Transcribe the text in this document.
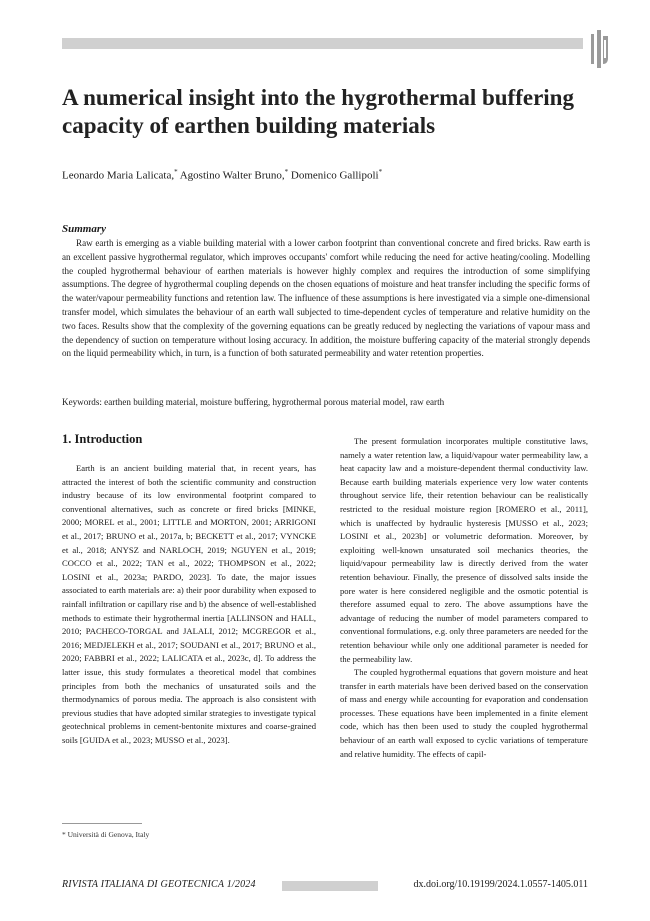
A numerical insight into the hygrothermal buffering capacity of earthen building materials
Leonardo Maria Lalicata,* Agostino Walter Bruno,* Domenico Gallipoli*
Summary

Raw earth is emerging as a viable building material with a lower carbon footprint than conventional concrete and fired bricks. Raw earth is an excellent passive hygrothermal regulator, which improves occupants' comfort while reducing the need for active heating/cooling. Modelling the coupled hygrothermal behaviour of earthen materials is however highly complex and requires the introduction of some simplifying assumptions. The degree of hygrothermal coupling depends on the chosen equations of moisture and heat transfer including the specific forms of the water/vapour permeability functions and retention law. The influence of these assumptions is here investigated via a simple one-dimensional transfer model, which simulates the behaviour of an earth wall subjected to time-dependent cycles of temperature and relative humidity on the two faces. Results show that the complexity of the governing equations can be greatly reduced by neglecting the variations of vapour mass and the dependency of suction on temperature without losing accuracy. In addition, the moisture buffering capacity of the material strongly depends on the liquid permeability which, in turn, is a function of both saturated permeability and water retention properties.

Keywords: earthen building material, moisture buffering, hygrothermal porous material model, raw earth
1. Introduction

Earth is an ancient building material that, in recent years, has attracted the interest of both the scientific community and construction industry because of its low environmental footprint compared to conventional alternatives, such as concrete or fired bricks [MINKE, 2000; MOREL et al., 2001; LITTLE and MORTON, 2001; ARRIGONI et al., 2017; BRUNO et al., 2017a, b; BECKETT et al., 2017; VYNCKE et al., 2018; ANYSZ and NARLOCH, 2019; NGUYEN et al., 2019; COCCO et al., 2022; TAN et al., 2022; THOMPSON et al., 2022; LOSINI et al., 2023a; PARDO, 2023]. To date, the major issues associated to earth materials are: a) their poor durability when exposed to rainfall infiltration or capillary rise and b) the absence of well-established methods to estimate their hygrothermal inertia [ALLINSON and HALL, 2010; PACHECO-TORGAL and JALALI, 2012; MCGREGOR et al., 2016; MEDJELEKH et al., 2017; SOUDANI et al., 2017; BRUNO et al., 2020; FABBRI et al., 2022; LALICATA et al., 2023c, d]. To address the latter issue, this study formulates a theoretical model that combines principles from both the mechanics of unsaturated soils and the thermodynamics of porous media. The approach is also consistent with previous studies that have adopted similar strategies to investigate typical geotechnical problems in cement-bentonite mixtures and coarse-grained soils [GUIDA et al., 2023; MUSSO et al., 2023].

The present formulation incorporates multiple constitutive laws, namely a water retention law, a liquid/vapour water permeability law, a heat capacity law and a moisture-dependent thermal conductivity law. Because earth building materials experience very low water contents throughout service life, their retention behaviour can be realistically restricted to the residual moisture region [ROMERO et al., 2011], which is unaffected by hydraulic hysteresis [MUSSO et al., 2023; LOSINI et al., 2023b] or volumetric deformation. Moreover, by exploiting well-known unsaturated soil mechanics theories, the liquid/vapour permeability law is directly derived from the water retention behaviour. Finally, the presence of dissolved salts inside the pore water is here considered negligible and the osmotic potential is therefore assumed equal to zero. The above assumptions have the advantage of reducing the number of model parameters compared to conventional formulations, e.g. only three parameters are needed for the retention behaviour while only one additional parameter is needed for the permeability law.

The coupled hygrothermal equations that govern moisture and heat transfer in earth materials have been derived based on the conservation of mass and energy while accounting for evaporation and condensation processes. These equations have been implemented in a finite element code, which has then been used to study the coupled hygrothermal behaviour of an earth wall exposed to cyclic variations of temperature and relative humidity. The effects of capil-

* Università di Genova, Italy
RIVISTA ITALIANA DI GEOTECNICA 1/2024	dx.doi.org/10.19199/2024.1.0557-1405.011
